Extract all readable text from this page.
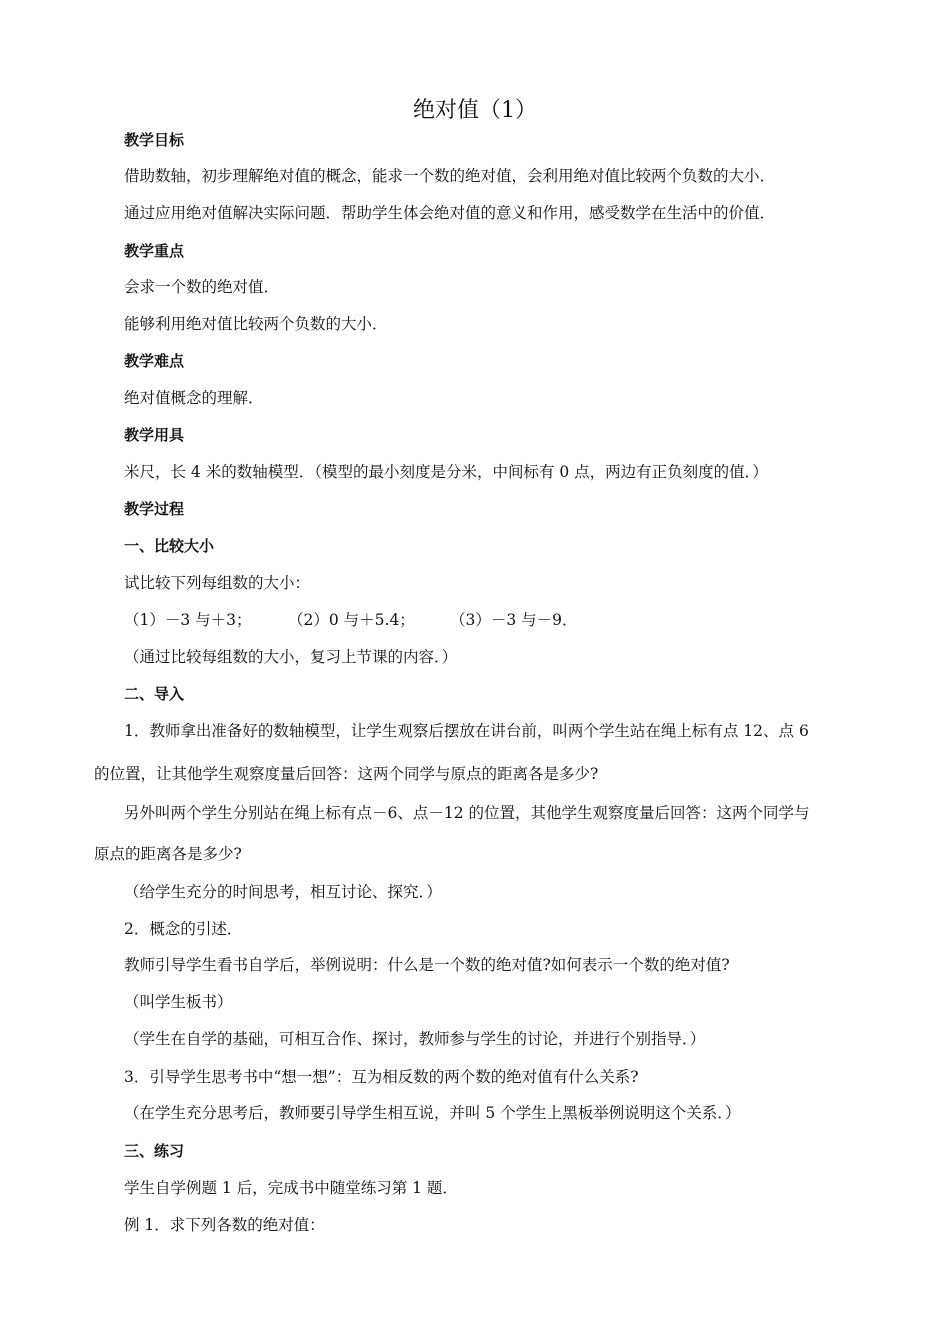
绝对值（1）
教学目标
借助数轴，初步理解绝对值的概念，能求一个数的绝对值，会利用绝对值比较两个负数的大小．
通过应用绝对值解决实际问题．帮助学生体会绝对值的意义和作用，感受数学在生活中的价值．
教学重点
会求一个数的绝对值．
能够利用绝对值比较两个负数的大小．
教学难点
绝对值概念的理解．
教学用具
米尺，长 4 米的数轴模型．（模型的最小刻度是分米，中间标有 0 点，两边有正负刻度的值．）
教学过程
一、比较大小
试比较下列每组数的大小：
（1）－3 与＋3； （2）0 与＋5.4； （3）－3 与－9．
（通过比较每组数的大小，复习上节课的内容．）
二、导入
1．教师拿出准备好的数轴模型，让学生观察后摆放在讲台前，叫两个学生站在绳上标有点 12、点 6
的位置，让其他学生观察度量后回答：这两个同学与原点的距离各是多少?
另外叫两个学生分别站在绳上标有点－6、点－12 的位置，其他学生观察度量后回答：这两个同学与
原点的距离各是多少?
（给学生充分的时间思考，相互讨论、探究．）
2．概念的引述．
教师引导学生看书自学后，举例说明：什么是一个数的绝对值?如何表示一个数的绝对值?
（叫学生板书）
（学生在自学的基础，可相互合作、探讨，教师参与学生的讨论，并进行个别指导．）
3．引导学生思考书中“想一想”：互为相反数的两个数的绝对值有什么关系?
（在学生充分思考后，教师要引导学生相互说，并叫 5 个学生上黑板举例说明这个关系．）
三、练习
学生自学例题 1 后，完成书中随堂练习第 1 题．
例 1．求下列各数的绝对值：
